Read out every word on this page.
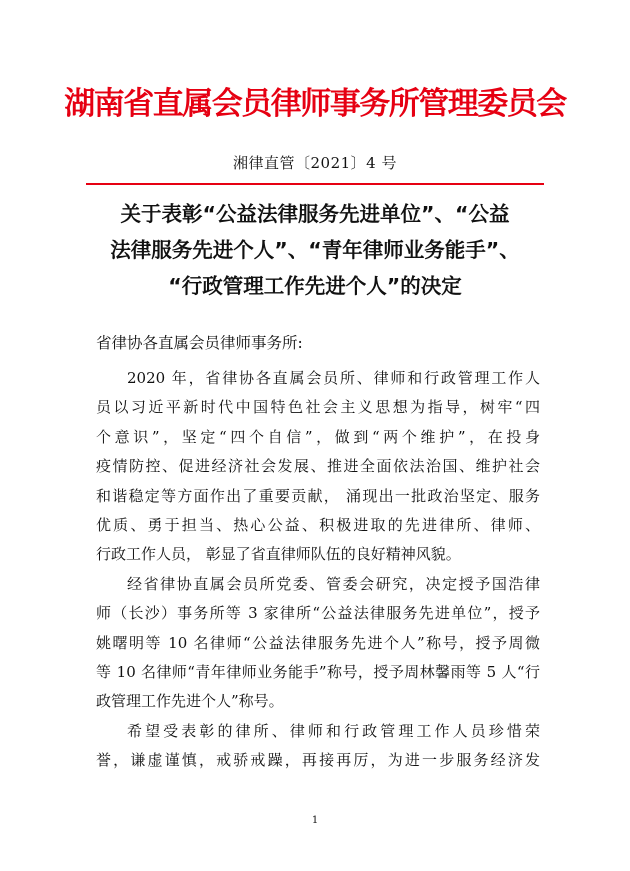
湖南省直属会员律师事务所管理委员会
湘律直管〔2021〕4 号
关于表彰“公益法律服务先进单位”、“公益
法律服务先进个人”、“青年律师业务能手”、
“行政管理工作先进个人”的决定
省律协各直属会员律师事务所:
2020 年，省律协各直属会员所、律师和行政管理工作人
员以习近平新时代中国特色社会主义思想为指导，树牢“四
个意识”，坚定“四个自信”，做到“两个维护”，在投身
疫情防控、促进经济社会发展、推进全面依法治国、维护社会
和谐稳定等方面作出了重要贡献， 涌现出一批政治坚定、服务
优质、勇于担当、热心公益、积极进取的先进律所、律师、
行政工作人员， 彰显了省直律师队伍的良好精神风貌。
经省律协直属会员所党委、管委会研究，决定授予国浩律
师（长沙）事务所等 3 家律所“公益法律服务先进单位”，授予
姚曙明等 10 名律师“公益法律服务先进个人”称号，授予周微
等 10 名律师“青年律师业务能手”称号，授予周林馨雨等 5 人“行
政管理工作先进个人”称号。
希望受表彰的律所、律师和行政管理工作人员珍惜荣
誉，谦虚谨慎，戒骄戒躁，再接再厉，为进一步服务经济发
1
